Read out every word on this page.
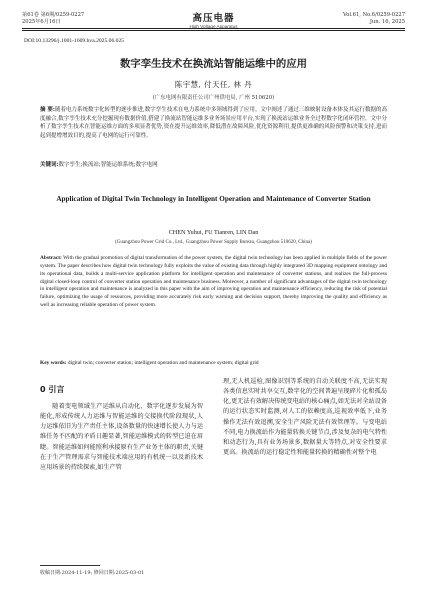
第61卷 第6期/0259-0227
2025年6月16日	高压电器
High Voltage Apparatus
Vol.61, No.6/0259-0227
Jun. 16, 2025
DOI:10.13296/j.1001-1609.hva.2025.06.025
数字孪生技术在换流站智能运维中的应用
陈宇慧, 付天任, 林 丹
(广东电网有限责任公司广州供电局, 广州 510620)
摘 要:随着电力系统数字化转型的逐步推进,数字孪生技术在电力系统中多领域得到了应用。文中阐述了通过三维映射设备本体及其运行数据的高度融合,数字孪生技术充分挖掘现有数据价值,搭建了换流站智能运维多业务场景应用平台,实现了换流站运维业务全过程数字化闭环管控。文中分析了数字孪生技术在智能运维方面的多项显著优势,资在提升运维效率,降低潜在故障风险,优化资源利用,提供更准确的风险预警和决策支持,进而起到提增增效目的,提高了电网的运行可靠性。
关键词:数字孪生;换流站;智能运维系统;数字电网
Application of Digital Twin Technology in Intelligent Operation and Maintenance of Converter Station
CHEN Yuhui, FU Tianren, LIN Dan
(Guangzhou Power Grid Co., Ltd., Guangzhou Power Supply Bureau, Guangzhou 510620, China)
Abstract: With the gradual promotion of digital transformation of the power system, the digital twin technology has been applied in multiple fields of the power system. The paper describes how digital twin technology fully exploits the value of existing data through highly integrated 3D mapping equipment ontology and its operational data, builds a multi-service application platform for intelligent operation and maintenance of converter stations, and realizes the full-process digital closed-loop control of converter station operation and maintenance business. Moreover, a number of significant advantages of the digital twin technology in intelligent operation and maintenance is analyzed in this paper with the aim of improving operation and maintenance efficiency, reducing the risk of potential failure, optimizing the usage of resources, providing more accurately risk early warning and decision support, thereby improving the quality and efficiency as well as increasing reliable operation of power system.
Key words: digital twin; converter station; intelligent operation and maintenance system; digital grid
0 引言
随着变电领域生产运维从自动化、数字化逐步发展为智能化,形成传统人力运维与智能运维的交接换代阶段现状,人力运维依旧为生产责任主体,设备数量的快速增长使人力与运维任务不匹配的矛盾日趣显著,智能运维模式的转型已迫在眉睫。智能运维如何能照利承接原有生产业务主体的职责,关键在于生产管理需求与智能技术端应用的有机统一以及新技术应用场景的持续探索,如生产管
理,无人机巡检,图像识别等系统的自动关联度不高,无法实现各类信息实时共享交互,数字化的空间普遍呈现碎片化和孤岛化,更无法有效解决传统变电站的核心痛点,如无法对全站设备的运行状态实时监测,对人工的依赖度高,巡视效率低下,业务操作无法有效追溯,安全生产风险无法有效管理等。与变电站不同,电力换流站作为能量转换关键节点,涉及复杂的电气特性和动态行为,具有业务场景多,数据量大等特点,对安全性要求更高。换流站的运行稳定性和能量转换的精确性对整个电
收稿日期:2024-11-19; 修回日期:2025-03-01
